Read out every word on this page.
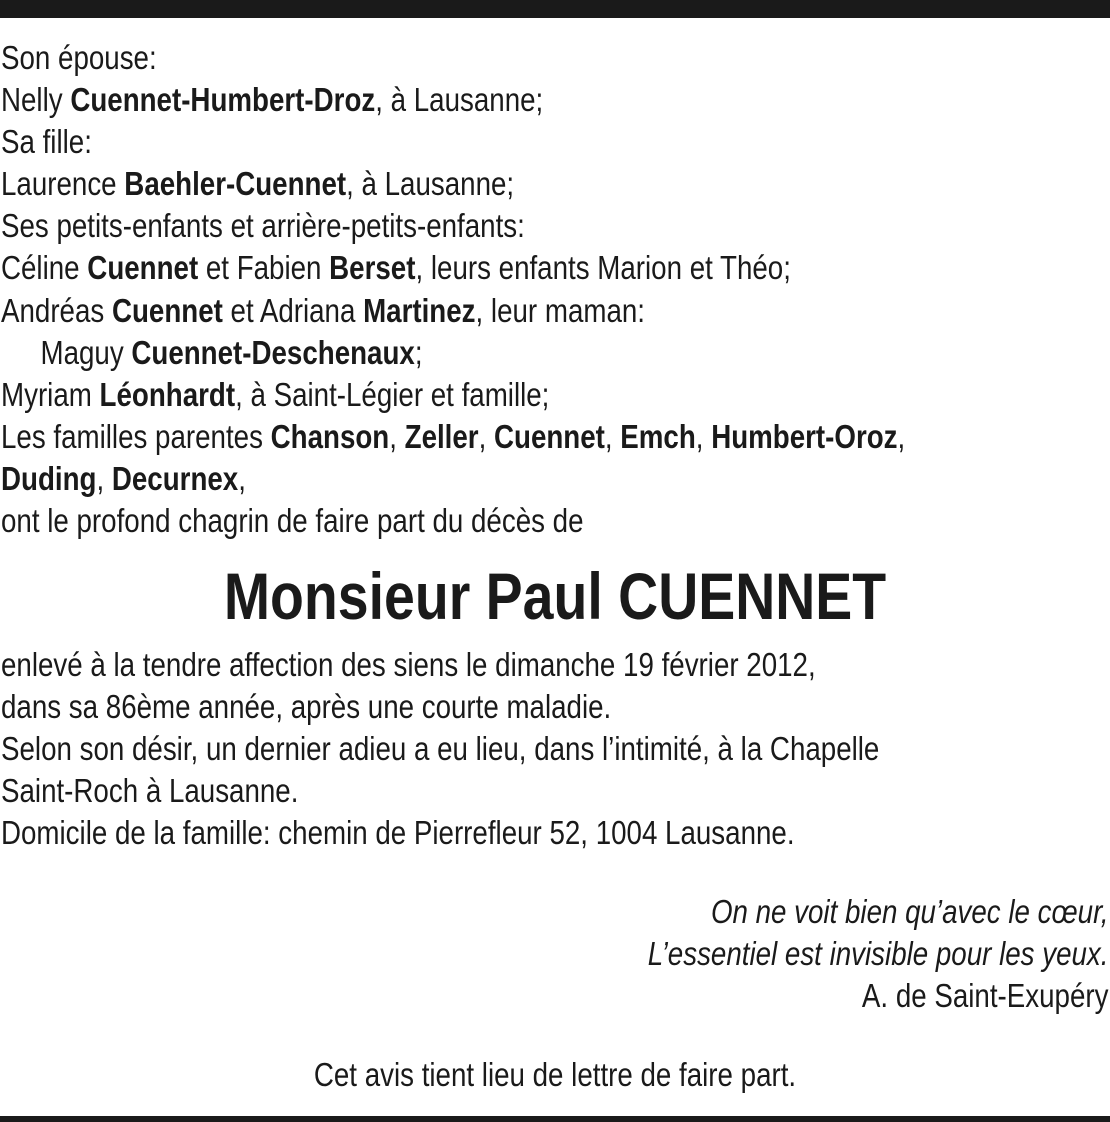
Son épouse:
Nelly Cuennet-Humbert-Droz, à Lausanne;
Sa fille:
Laurence Baehler-Cuennet, à Lausanne;
Ses petits-enfants et arrière-petits-enfants:
Céline Cuennet et Fabien Berset, leurs enfants Marion et Théo;
Andréas Cuennet et Adriana Martinez, leur maman:
Maguy Cuennet-Deschenaux;
Myriam Léonhardt, à Saint-Légier et famille;
Les familles parentes Chanson, Zeller, Cuennet, Emch, Humbert-Oroz,
Duding, Decurnex,
ont le profond chagrin de faire part du décès de
Monsieur Paul CUENNET
enlevé à la tendre affection des siens le dimanche 19 février 2012,
dans sa 86ème année, après une courte maladie.
Selon son désir, un dernier adieu a eu lieu, dans l’intimité, à la Chapelle
Saint-Roch à Lausanne.
Domicile de la famille: chemin de Pierrefleur 52, 1004 Lausanne.
On ne voit bien qu’avec le cœur,
L’essentiel est invisible pour les yeux.
A. de Saint-Exupéry
Cet avis tient lieu de lettre de faire part.
